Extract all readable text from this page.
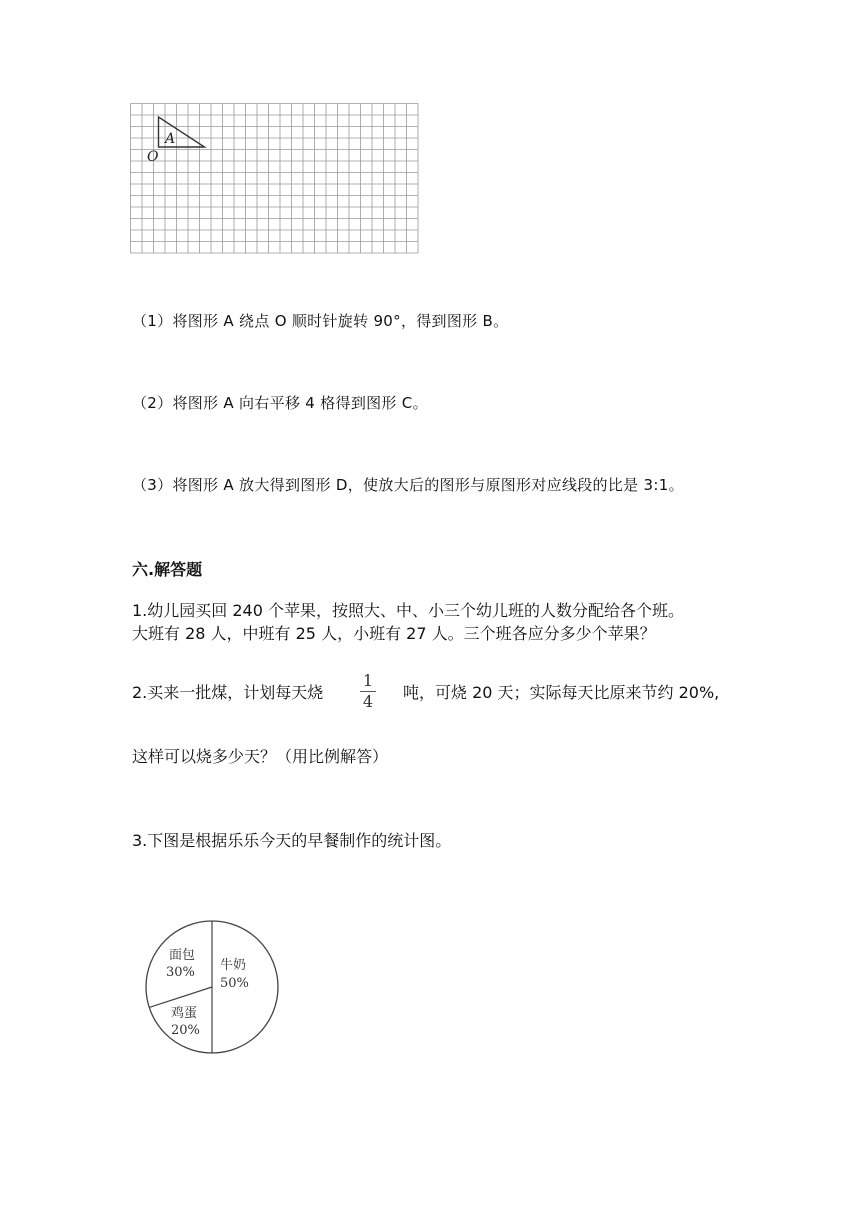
A
O
（1）将图形 A 绕点 O 顺时针旋转 90°，得到图形 B。
（2）将图形 A 向右平移 4 格得到图形 C。
（3）将图形 A 放大得到图形 D，使放大后的图形与原图形对应线段的比是 3:1。
六.解答题
1.幼儿园买回 240 个苹果，按照大、中、小三个幼儿班的人数分配给各个班。
大班有 28 人，中班有 25 人，小班有 27 人。三个班各应分多少个苹果？
2.买来一批煤，计划每天烧
1
4	吨，可烧 20 天；实际每天比原来节约 20%,
这样可以烧多少天？（用比例解答）
3.下图是根据乐乐今天的早餐制作的统计图。
面包
30% 牛奶
50%
鸡蛋
20%
